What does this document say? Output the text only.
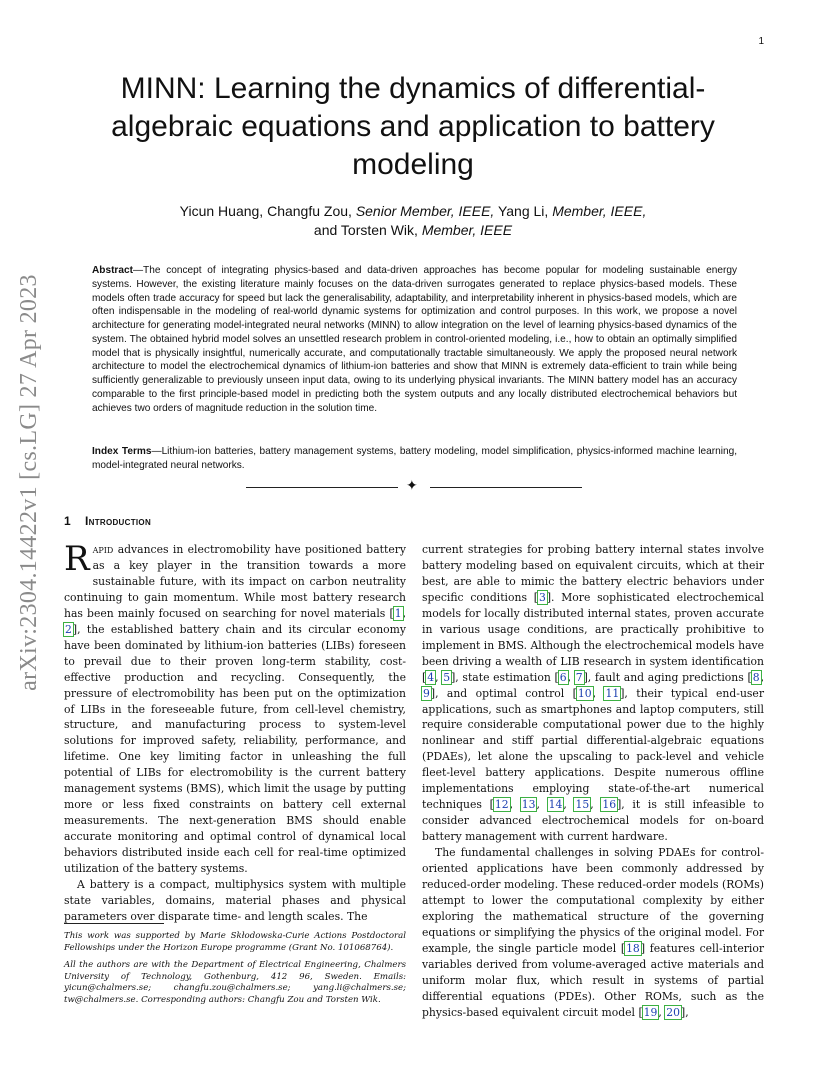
1
arXiv:2304.14422v1 [cs.LG] 27 Apr 2023
MINN: Learning the dynamics of differential-algebraic equations and application to battery modeling
Yicun Huang, Changfu Zou, Senior Member, IEEE, Yang Li, Member, IEEE,
and Torsten Wik, Member, IEEE
Abstract—The concept of integrating physics-based and data-driven approaches has become popular for modeling sustainable energy systems. However, the existing literature mainly focuses on the data-driven surrogates generated to replace physics-based models. These models often trade accuracy for speed but lack the generalisability, adaptability, and interpretability inherent in physics-based models, which are often indispensable in the modeling of real-world dynamic systems for optimization and control purposes. In this work, we propose a novel architecture for generating model-integrated neural networks (MINN) to allow integration on the level of learning physics-based dynamics of the system. The obtained hybrid model solves an unsettled research problem in control-oriented modeling, i.e., how to obtain an optimally simplified model that is physically insightful, numerically accurate, and computationally tractable simultaneously. We apply the proposed neural network architecture to model the electrochemical dynamics of lithium-ion batteries and show that MINN is extremely data-efficient to train while being sufficiently generalizable to previously unseen input data, owing to its underlying physical invariants. The MINN battery model has an accuracy comparable to the first principle-based model in predicting both the system outputs and any locally distributed electrochemical behaviors but achieves two orders of magnitude reduction in the solution time.
Index Terms—Lithium-ion batteries, battery management systems, battery modeling, model simplification, physics-informed machine learning, model-integrated neural networks.
✦
1 Introduction

Rapid advances in electromobility have positioned battery as a key player in the transition towards a more sustainable future, with its impact on carbon neutrality continuing to gain momentum. While most battery research has been mainly focused on searching for novel materials [1, 2], the established battery chain and its circular economy have been dominated by lithium-ion batteries (LIBs) foreseen to prevail due to their proven long-term stability, cost-effective production and recycling. Consequently, the pressure of electromobility has been put on the optimization of LIBs in the foreseeable future, from cell-level chemistry, structure, and manufacturing process to system-level solutions for improved safety, reliability, performance, and lifetime. One key limiting factor in unleashing the full potential of LIBs for electromobility is the current battery management systems (BMS), which limit the usage by putting more or less fixed constraints on battery cell external measurements. The next-generation BMS should enable accurate monitoring and optimal control of dynamical local behaviors distributed inside each cell for real-time optimized utilization of the battery systems.

A battery is a compact, multiphysics system with multiple state variables, domains, material phases and physical parameters over disparate time- and length scales. The

This work was supported by Marie Skłodowska-Curie Actions Postdoctoral Fellowships under the Horizon Europe programme (Grant No. 101068764).

All the authors are with the Department of Electrical Engineering, Chalmers University of Technology, Gothenburg, 412 96, Sweden. Emails: yicun@chalmers.se; changfu.zou@chalmers.se; yang.li@chalmers.se; tw@chalmers.se. Corresponding authors: Changfu Zou and Torsten Wik.

current strategies for probing battery internal states involve battery modeling based on equivalent circuits, which at their best, are able to mimic the battery electric behaviors under specific conditions [3]. More sophisticated electrochemical models for locally distributed internal states, proven accurate in various usage conditions, are practically prohibitive to implement in BMS. Although the electrochemical models have been driving a wealth of LIB research in system identification [4, 5], state estimation [6, 7], fault and aging predictions [8, 9], and optimal control [10, 11], their typical end-user applications, such as smartphones and laptop computers, still require considerable computational power due to the highly nonlinear and stiff partial differential-algebraic equations (PDAEs), let alone the upscaling to pack-level and vehicle fleet-level battery applications. Despite numerous offline implementations employing state-of-the-art numerical techniques [12, 13, 14, 15, 16], it is still infeasible to consider advanced electrochemical models for on-board battery management with current hardware.

The fundamental challenges in solving PDAEs for control-oriented applications have been commonly addressed by reduced-order modeling. These reduced-order models (ROMs) attempt to lower the computational complexity by either exploring the mathematical structure of the governing equations or simplifying the physics of the original model. For example, the single particle model [18] features cell-interior variables derived from volume-averaged active materials and uniform molar flux, which result in systems of partial differential equations (PDEs). Other ROMs, such as the physics-based equivalent circuit model [19, 20],
